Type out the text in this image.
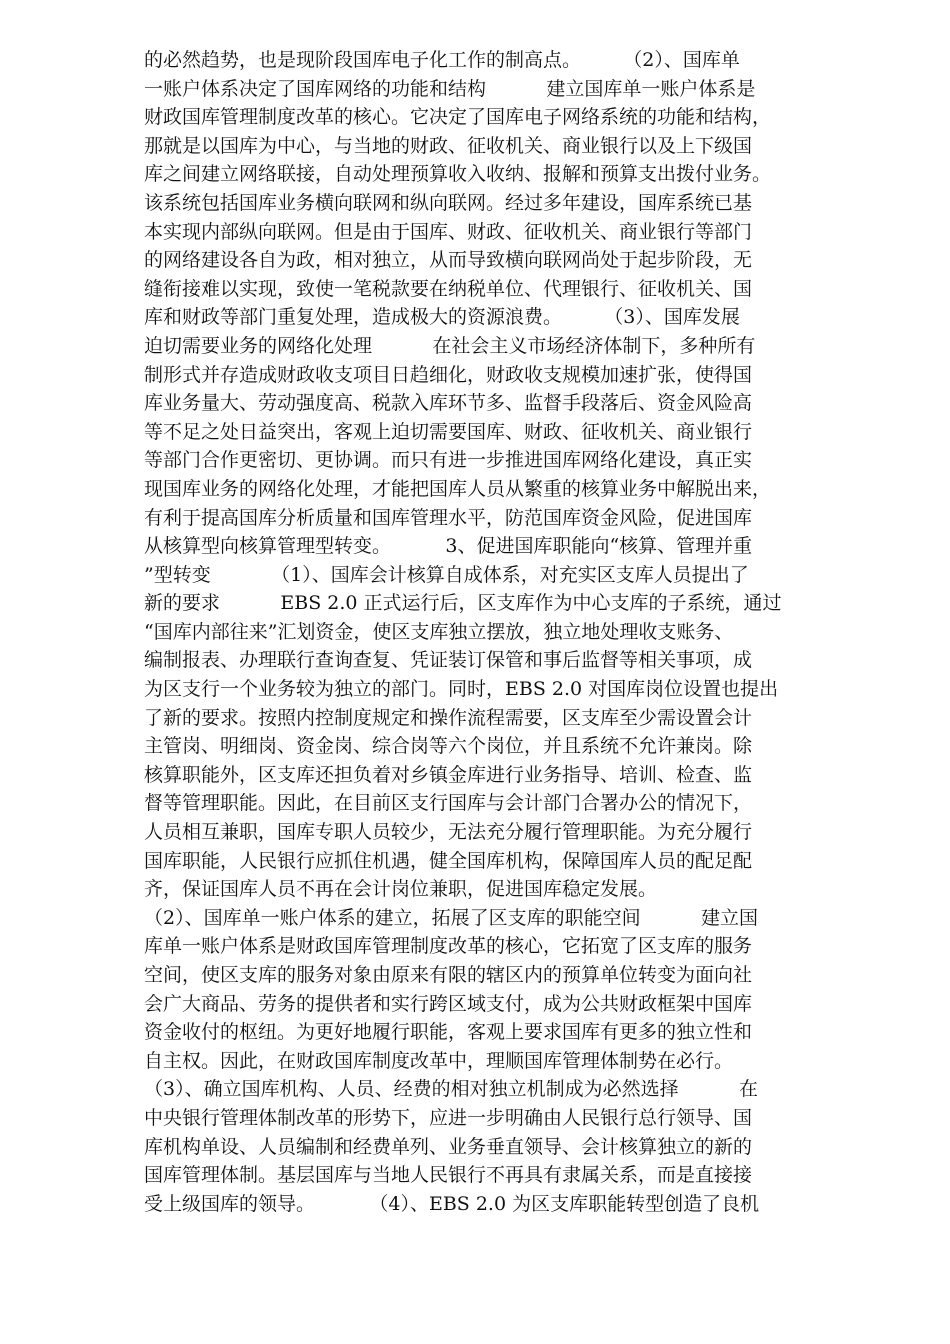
的必然趋势，也是现阶段国库电子化工作的制高点。       （2）、国库单
一账户体系决定了国库网络的功能和结构          建立国库单一账户体系是
财政国库管理制度改革的核心。它决定了国库电子网络系统的功能和结构，
那就是以国库为中心，与当地的财政、征收机关、商业银行以及上下级国
库之间建立网络联接，自动处理预算收入收纳、报解和预算支出拨付业务。
该系统包括国库业务横向联网和纵向联网。经过多年建设，国库系统已基
本实现内部纵向联网。但是由于国库、财政、征收机关、商业银行等部门
的网络建设各自为政，相对独立，从而导致横向联网尚处于起步阶段，无
缝衔接难以实现，致使一笔税款要在纳税单位、代理银行、征收机关、国
库和财政等部门重复处理，造成极大的资源浪费。       （3）、国库发展
迫切需要业务的网络化处理          在社会主义市场经济体制下，多种所有
制形式并存造成财政收支项目日趋细化，财政收支规模加速扩张，使得国
库业务量大、劳动强度高、税款入库环节多、监督手段落后、资金风险高
等不足之处日益突出，客观上迫切需要国库、财政、征收机关、商业银行
等部门合作更密切、更协调。而只有进一步推进国库网络化建设，真正实
现国库业务的网络化处理，才能把国库人员从繁重的核算业务中解脱出来，
有利于提高国库分析质量和国库管理水平，防范国库资金风险，促进国库
从核算型向核算管理型转变。         3、促进国库职能向“核算、管理并重
”型转变          （1）、国库会计核算自成体系，对充实区支库人员提出了
新的要求          EBS 2.0 正式运行后，区支库作为中心支库的子系统，通过
“国库内部往来”汇划资金，使区支库独立摆放，独立地处理收支账务、
编制报表、办理联行查询查复、凭证装订保管和事后监督等相关事项，成
为区支行一个业务较为独立的部门。同时，EBS 2.0 对国库岗位设置也提出
了新的要求。按照内控制度规定和操作流程需要，区支库至少需设置会计
主管岗、明细岗、资金岗、综合岗等六个岗位，并且系统不允许兼岗。除
核算职能外，区支库还担负着对乡镇金库进行业务指导、培训、检查、监
督等管理职能。因此，在目前区支行国库与会计部门合署办公的情况下，
人员相互兼职，国库专职人员较少，无法充分履行管理职能。为充分履行
国库职能，人民银行应抓住机遇，健全国库机构，保障国库人员的配足配
齐，保证国库人员不再在会计岗位兼职，促进国库稳定发展。
（2）、国库单一账户体系的建立，拓展了区支库的职能空间          建立国
库单一账户体系是财政国库管理制度改革的核心，它拓宽了区支库的服务
空间，使区支库的服务对象由原来有限的辖区内的预算单位转变为面向社
会广大商品、劳务的提供者和实行跨区域支付，成为公共财政框架中国库
资金收付的枢纽。为更好地履行职能，客观上要求国库有更多的独立性和
自主权。因此，在财政国库制度改革中，理顺国库管理体制势在必行。
（3）、确立国库机构、人员、经费的相对独立机制成为必然选择          在
中央银行管理体制改革的形势下，应进一步明确由人民银行总行领导、国
库机构单设、人员编制和经费单列、业务垂直领导、会计核算独立的新的
国库管理体制。基层国库与当地人民银行不再具有隶属关系，而是直接接
受上级国库的领导。         （4）、EBS 2.0 为区支库职能转型创造了良机
